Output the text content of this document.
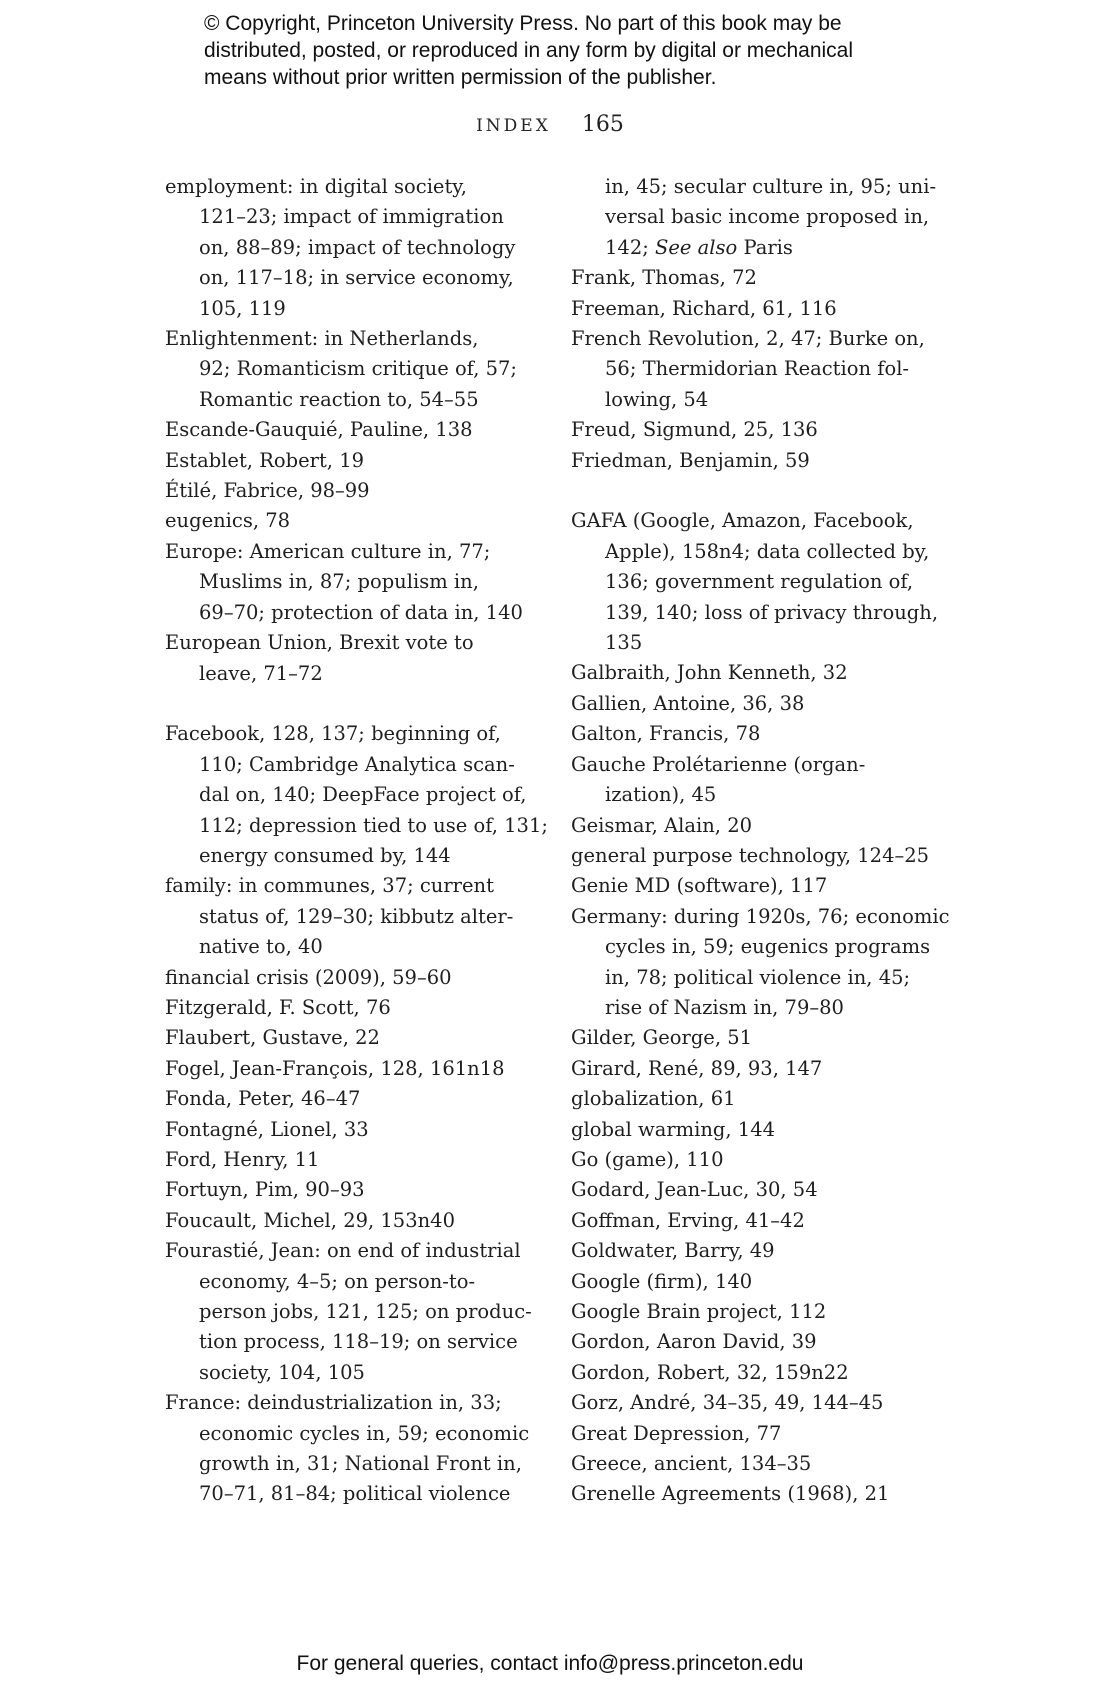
© Copyright, Princeton University Press. No part of this book may be
distributed, posted, or reproduced in any form by digital or mechanical
means without prior written permission of the publisher.
INDEX 165
employment: in digital society,
121–23; impact of immigration
on, 88–89; impact of technology
on, 117–18; in service economy,
105, 119
Enlightenment: in Netherlands,
92; Romanticism critique of, 57;
Romantic reaction to, 54–55
Escande-Gauquié, Pauline, 138
Establet, Robert, 19
Étilé, Fabrice, 98–99
eugenics, 78
Europe: American culture in, 77;
Muslims in, 87; populism in,
69–70; protection of data in, 140
European Union, Brexit vote to
leave, 71–72
Facebook, 128, 137; beginning of,
110; Cambridge Analytica scan-
dal on, 140; DeepFace project of,
112; depression tied to use of, 131;
energy consumed by, 144
family: in communes, 37; current
status of, 129–30; kibbutz alter-
native to, 40
financial crisis (2009), 59–60
Fitzgerald, F. Scott, 76
Flaubert, Gustave, 22
Fogel, Jean-François, 128, 161n18
Fonda, Peter, 46–47
Fontagné, Lionel, 33
Ford, Henry, 11
Fortuyn, Pim, 90–93
Foucault, Michel, 29, 153n40
Fourastié, Jean: on end of industrial
economy, 4–5; on person-to-
person jobs, 121, 125; on produc-
tion process, 118–19; on service
society, 104, 105
France: deindustrialization in, 33;
economic cycles in, 59; economic
growth in, 31; National Front in,
70–71, 81–84; political violence
in, 45; secular culture in, 95; uni-
versal basic income proposed in,
142; See also Paris
Frank, Thomas, 72
Freeman, Richard, 61, 116
French Revolution, 2, 47; Burke on,
56; Thermidorian Reaction fol-
lowing, 54
Freud, Sigmund, 25, 136
Friedman, Benjamin, 59
GAFA (Google, Amazon, Facebook,
Apple), 158n4; data collected by,
136; government regulation of,
139, 140; loss of privacy through,
135
Galbraith, John Kenneth, 32
Gallien, Antoine, 36, 38
Galton, Francis, 78
Gauche Prolétarienne (organ-
ization), 45
Geismar, Alain, 20
general purpose technology, 124–25
Genie MD (software), 117
Germany: during 1920s, 76; economic
cycles in, 59; eugenics programs
in, 78; political violence in, 45;
rise of Nazism in, 79–80
Gilder, George, 51
Girard, René, 89, 93, 147
globalization, 61
global warming, 144
Go (game), 110
Godard, Jean-Luc, 30, 54
Goffman, Erving, 41–42
Goldwater, Barry, 49
Google (firm), 140
Google Brain project, 112
Gordon, Aaron David, 39
Gordon, Robert, 32, 159n22
Gorz, André, 34–35, 49, 144–45
Great Depression, 77
Greece, ancient, 134–35
Grenelle Agreements (1968), 21
For general queries, contact info@press.princeton.edu
